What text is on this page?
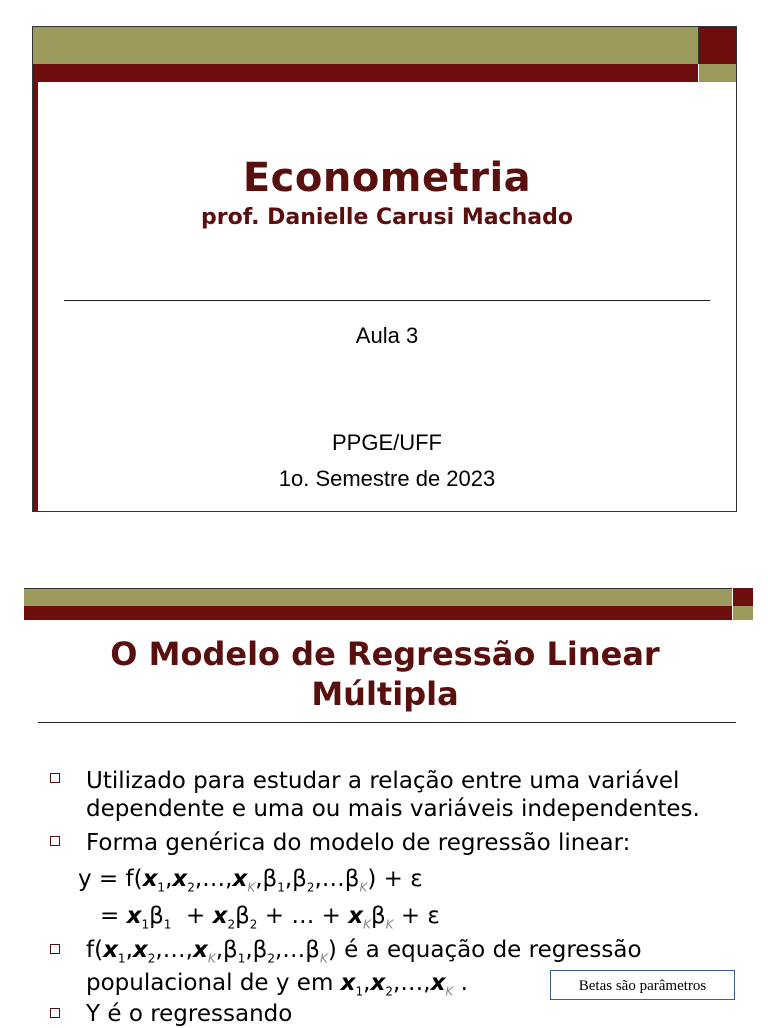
Econometria
prof. Danielle Carusi Machado
Aula 3
PPGE/UFF
1o. Semestre de 2023
O Modelo de Regressão Linear
Múltipla
Utilizado para estudar a relação entre uma variável
dependente e uma ou mais variáveis independentes.
Forma genérica do modelo de regressão linear:
$y = f(x_1,x_2,\dots,x_K,\beta_1,\beta_2,\dots\beta_K) + \varepsilon$
= $x_1\beta_1 + x_2\beta_2$ + … + $x_K\beta_K + \varepsilon$
$f(x_1,x_2,\dots,x_K,\beta_1,\beta_2,\dots\beta_K)$ é a equação de regressão
populacional de y em $x_1,x_2,\dots,x_K$ .	Betas são parâmetros
Y é o regressando
